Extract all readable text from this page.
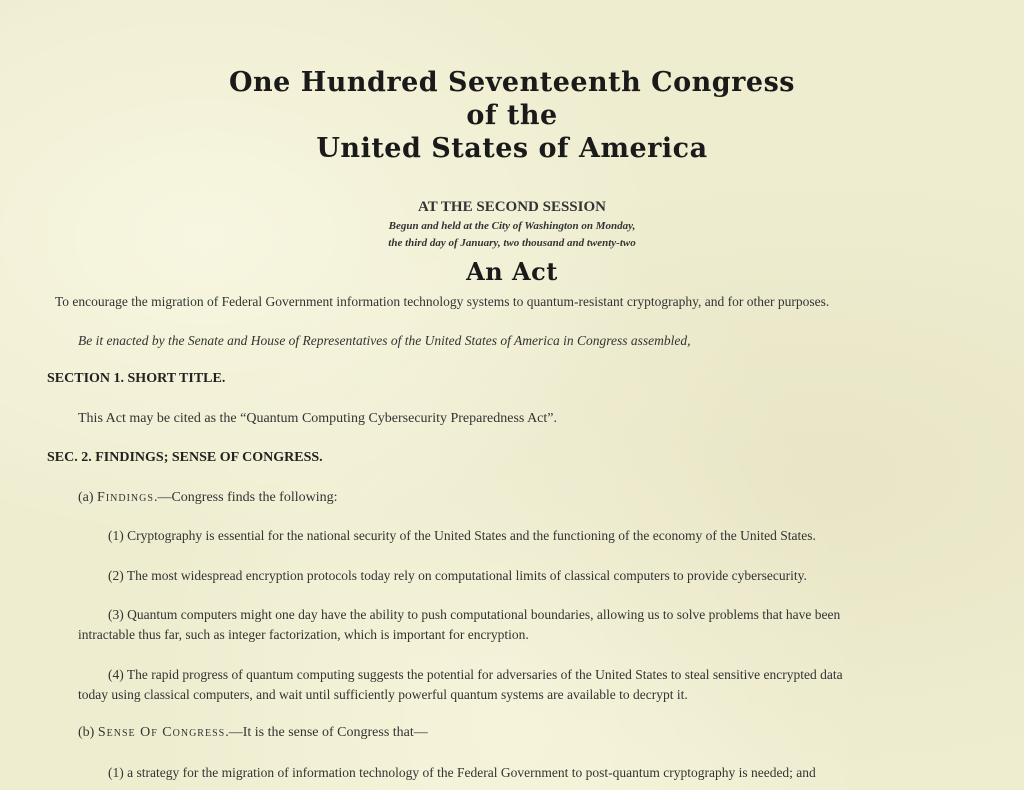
One Hundred Seventeenth Congress
of the
United States of America
AT THE SECOND SESSION
Begun and held at the City of Washington on Monday,
the third day of January, two thousand and twenty-two
An Act
To encourage the migration of Federal Government information technology systems to quantum-resistant cryptography, and for other purposes.
Be it enacted by the Senate and House of Representatives of the United States of America in Congress assembled,
SECTION 1. SHORT TITLE.
This Act may be cited as the “Quantum Computing Cybersecurity Preparedness Act”.
SEC. 2. FINDINGS; SENSE OF CONGRESS.
(a) Findings.—Congress finds the following:
(1) Cryptography is essential for the national security of the United States and the functioning of the economy of the United States.
(2) The most widespread encryption protocols today rely on computational limits of classical computers to provide cybersecurity.
(3) Quantum computers might one day have the ability to push computational boundaries, allowing us to solve problems that have been
intractable thus far, such as integer factorization, which is important for encryption.
(4) The rapid progress of quantum computing suggests the potential for adversaries of the United States to steal sensitive encrypted data
today using classical computers, and wait until sufficiently powerful quantum systems are available to decrypt it.
(b) Sense Of Congress.—It is the sense of Congress that—
(1) a strategy for the migration of information technology of the Federal Government to post-quantum cryptography is needed; and
